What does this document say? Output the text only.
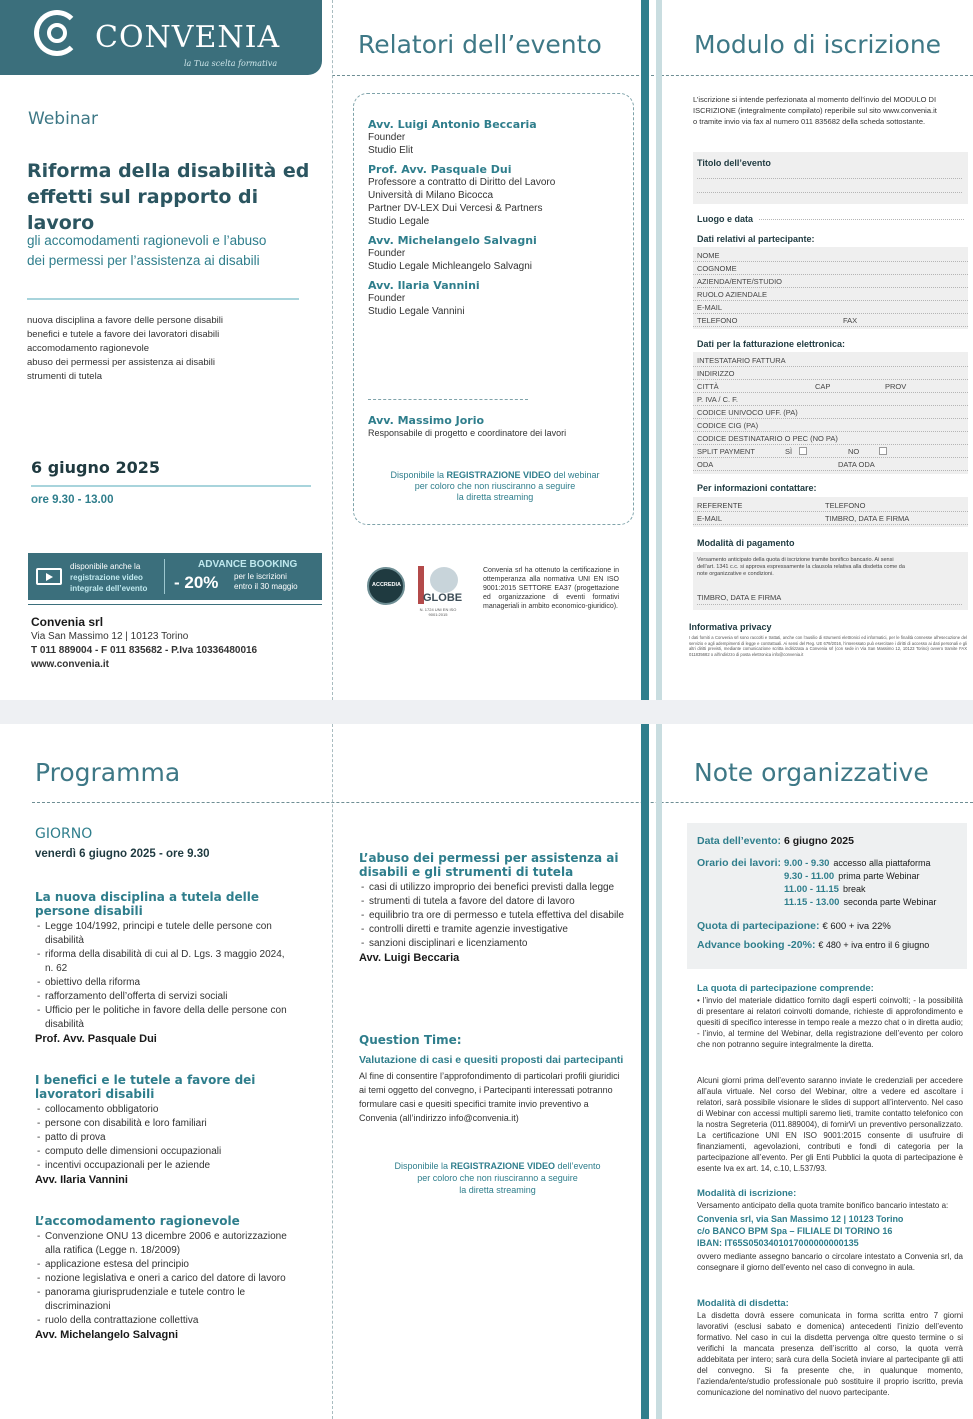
CONVENIA
la Tua scelta formativa
Webinar
Riforma della disabilità ed
effetti sul rapporto di lavoro
gli accomodamenti ragionevoli e l’abuso
dei permessi per l’assistenza ai disabili
nuova disciplina a favore delle persone disabili
benefici e tutele a favore dei lavoratori disabili
accomodamento ragionevole
abuso dei permessi per assistenza ai disabili
strumenti di tutela
6 giugno 2025
ore 9.30 - 13.00
disponibile anche la
registrazione video
integrale dell’evento
ADVANCE BOOKING
- 20% per le iscrizioni
entro il 30 maggio
Convenia srl
Via San Massimo 12 | 10123 Torino
T 011 889004 - F 011 835682 - P.Iva 10336480016
www.convenia.it
Relatori dell’evento
Avv. Luigi Antonio Beccaria
Founder
Studio Elit
Prof. Avv. Pasquale Dui
Professore a contratto di Diritto del Lavoro
Università di Milano Bicocca
Partner DV-LEX Dui Vercesi & Partners
Studio Legale
Avv. Michelangelo Salvagni
Founder
Studio Legale Michleangelo Salvagni
Avv. Ilaria Vannini
Founder
Studio Legale Vannini
Avv. Massimo Jorio
Responsabile di progetto e coordinatore dei lavori
Disponibile la REGISTRAZIONE VIDEO del webinar
per coloro che non riusciranno a seguire
la diretta streaming
ACCREDIA
GLOBE
N. 1724 UNI EN ISO 9001:2015
Convenia srl ha ottenuto la certificazione in ottemperanza alla normativa UNI EN ISO 9001:2015 SETTORE EA37 (progettazione ed organizzazione di eventi formativi manageriali in ambito economico-giuridico).
Modulo di iscrizione
L’iscrizione si intende perfezionata al momento dell’invio del MODULO DI ISCRIZIONE (integralmente compilato) reperibile sul sito www.convenia.it o tramite invio via fax al numero 011 835682 della scheda sottostante.
Titolo dell’evento
Luogo e data
Dati relativi al partecipante:
NOME
COGNOME
AZIENDA/ENTE/STUDIO
RUOLO AZIENDALE
E-MAIL
TELEFONO	FAX
Dati per la fatturazione elettronica:
INTESTATARIO FATTURA
INDIRIZZO
CITTÀ	CAP	PROV
P. IVA / C. F.
CODICE UNIVOCO UFF. (PA)
CODICE CIG (PA)
CODICE DESTINATARIO O PEC (NO PA)
SPLIT PAYMENT	SÌ	NO
ODA	DATA ODA
Per informazioni contattare:
REFERENTE	TELEFONO
E-MAIL	TIMBRO, DATA E FIRMA
Modalità di pagamento
Versamento anticipato della quota di iscrizione tramite bonifico bancario. Ai sensi dell’art. 1341 c.c. si approva espressamente la clausola relativa alla disdetta come da note organizzative e condizioni.
TIMBRO, DATA E FIRMA
Informativa privacy
I dati forniti a Convenia srl sono raccolti e trattati, anche con l’ausilio di strumenti elettronici ed informatici, per le finalità connesse all’esecuzione del servizio e agli adempimenti di legge e contrattuali. Ai sensi del Reg. UE 679/2016, l’interessato può esercitare i diritti di accesso ai dati personali e gli altri diritti previsti, mediante comunicazione scritta indirizzata a Convenia srl (con sede in Via San Massimo 12, 10123 Torino) ovvero tramite FAX 011835682 o all’indirizzo di posta elettronica info@convenia.it
Programma
GIORNO
venerdì 6 giugno 2025 - ore 9.30
La nuova disciplina a tutela delle persone disabili
- Legge 104/1992, principi e tutele delle persone con disabilità
- riforma della disabilità di cui al D. Lgs. 3 maggio 2024, n. 62
- obiettivo della riforma
- rafforzamento dell’offerta di servizi sociali
- Ufficio per le politiche in favore della delle persone con disabilità
Prof. Avv. Pasquale Dui
I benefici e le tutele a favore dei lavoratori disabili
- collocamento obbligatorio
- persone con disabilità e loro familiari
- patto di prova
- computo delle dimensioni occupazionali
- incentivi occupazionali per le aziende
Avv. Ilaria Vannini
L’accomodamento ragionevole
- Convenzione ONU 13 dicembre 2006 e autorizzazione alla ratifica (Legge n. 18/2009)
- applicazione estesa del principio
- nozione legislativa e oneri a carico del datore di lavoro
- panorama giurisprudenziale e tutele contro le discriminazioni
- ruolo della contrattazione collettiva
Avv. Michelangelo Salvagni
L’abuso dei permessi per assistenza ai disabili e gli strumenti di tutela
- casi di utilizzo improprio dei benefici previsti dalla legge
- strumenti di tutela a favore del datore di lavoro
- equilibrio tra ore di permesso e tutela effettiva del disabile
- controlli diretti e tramite agenzie investigative
- sanzioni disciplinari e licenziamento
Avv. Luigi Beccaria
Question Time:
Valutazione di casi e quesiti proposti dai partecipanti
Al fine di consentire l’approfondimento di particolari profili giuridici ai temi oggetto del convegno, i Partecipanti interessati potranno formulare casi e quesiti specifici tramite invio preventivo a Convenia (all’indirizzo info@convenia.it)
Disponibile la REGISTRAZIONE VIDEO dell’evento
per coloro che non riusciranno a seguire
la diretta streaming
Note organizzative
Data dell’evento: 6 giugno 2025
Orario dei lavori: 9.00 - 9.30 accesso alla piattaforma
9.30 - 11.00 prima parte Webinar
11.00 - 11.15 break
11.15 - 13.00 seconda parte Webinar
Quota di partecipazione: € 600 + iva 22%
Advance booking -20%: € 480 + iva entro il 6 giugno
La quota di partecipazione comprende:
• l’invio del materiale didattico fornito dagli esperti coinvolti; - la possibilità di presentare ai relatori coinvolti domande, richieste di approfondimento e quesiti di specifico interesse in tempo reale a mezzo chat o in diretta audio; - l’invio, al termine del Webinar, della registrazione dell’evento per coloro che non potranno seguire integralmente la diretta.
Alcuni giorni prima dell’evento saranno inviate le credenziali per accedere all’aula virtuale. Nel corso del Webinar, oltre a vedere ed ascoltare i relatori, sarà possibile visionare le slides di support all’intervento. Nel caso di Webinar con accessi multipli saremo lieti, tramite contatto telefonico con la nostra Segreteria (011.889004), di fornirVi un preventivo personalizzato. La certificazione UNI EN ISO 9001:2015 consente di usufruire di finanziamenti, agevolazioni, contributi e fondi di categoria per la partecipazione all’evento. Per gli Enti Pubblici la quota di partecipazione è esente Iva ex art. 14, c.10, L.537/93.
Modalità di iscrizione:
Versamento anticipato della quota tramite bonifico bancario intestato a:
Convenia srl, via San Massimo 12 | 10123 Torino
c/o BANCO BPM Spa – FILIALE DI TORINO 16
IBAN: IT65S0503401017000000000135
ovvero mediante assegno bancario o circolare intestato a Convenia srl, da consegnare il giorno dell’evento nel caso di convegno in aula.
Modalità di disdetta:
La disdetta dovrà essere comunicata in forma scritta entro 7 giorni lavorativi (esclusi sabato e domenica) antecedenti l’inizio dell’evento formativo. Nel caso in cui la disdetta pervenga oltre questo termine o si verifichi la mancata presenza dell’iscritto al corso, la quota verrà addebitata per intero; sarà cura della Società inviare al partecipante gli atti del convegno. Si fa presente che, in qualunque momento, l’azienda/ente/studio professionale può sostituire il proprio iscritto, previa comunicazione del nominativo del nuovo partecipante.
